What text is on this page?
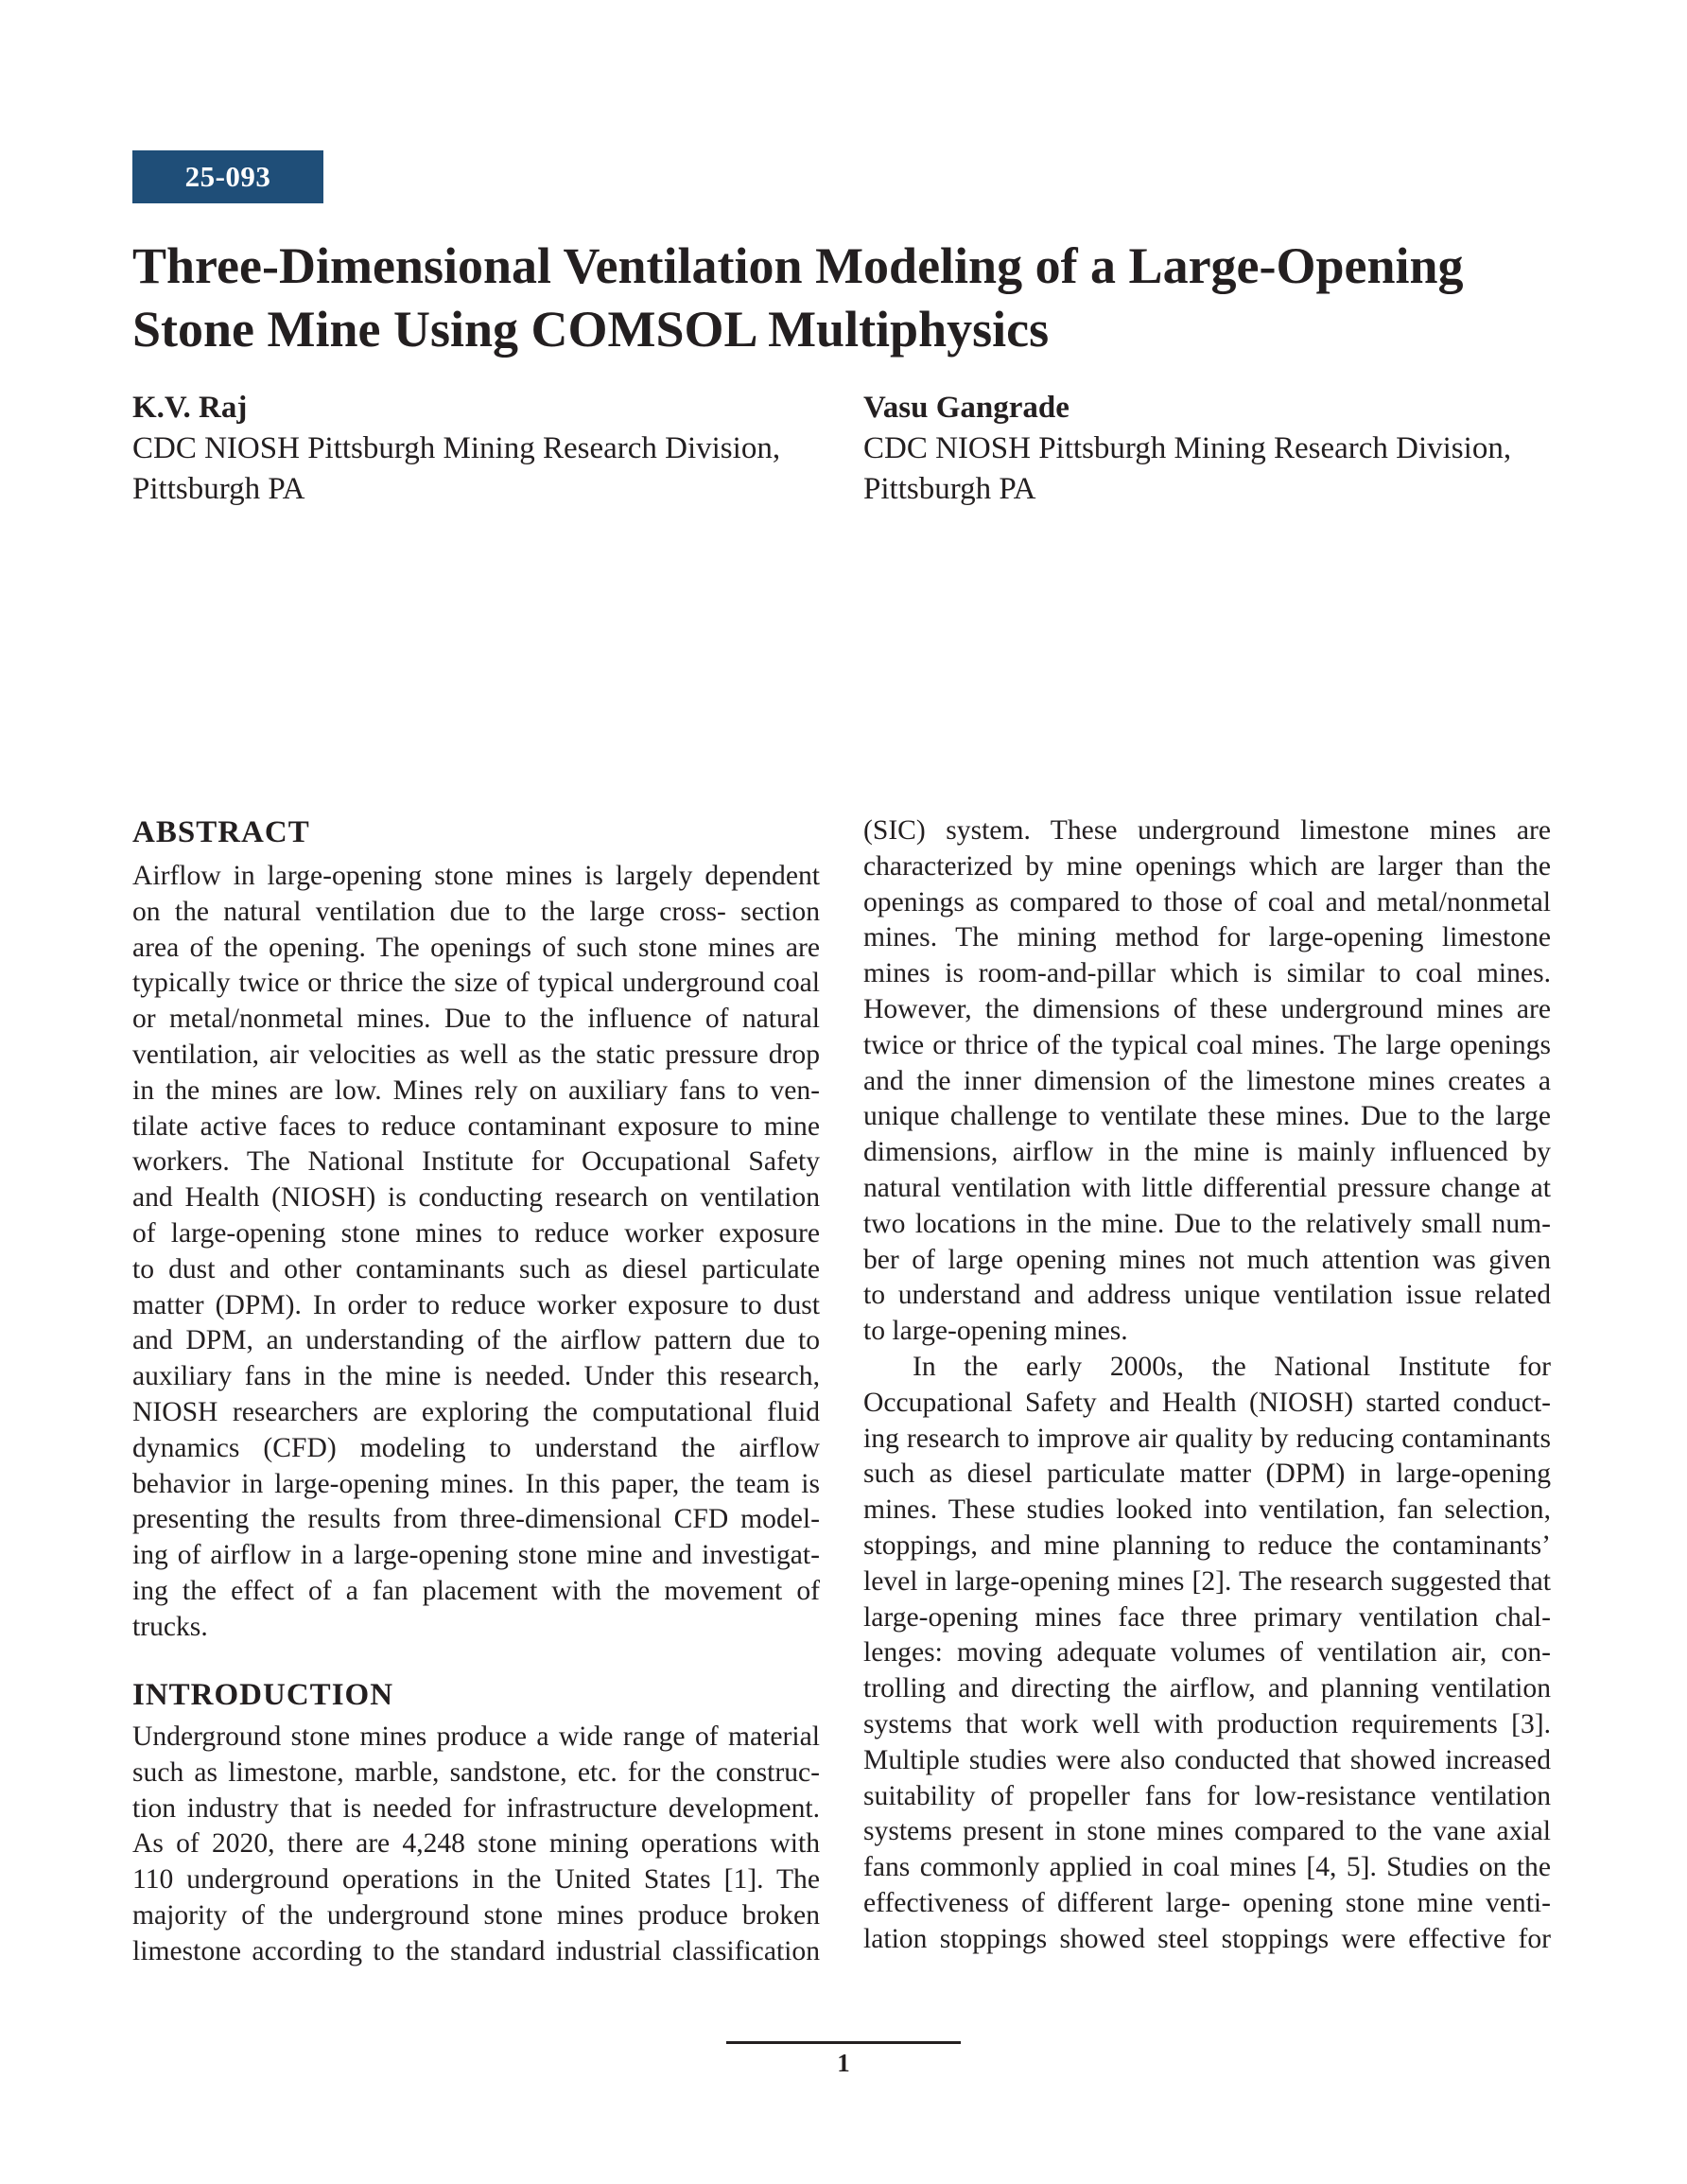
25-093
Three-Dimensional Ventilation Modeling of a Large-Opening
Stone Mine Using COMSOL Multiphysics
K.V. Raj
CDC NIOSH Pittsburgh Mining Research Division,
Pittsburgh PA
Vasu Gangrade
CDC NIOSH Pittsburgh Mining Research Division,
Pittsburgh PA
ABSTRACT
Airflow in large-opening stone mines is largely dependent
on the natural ventilation due to the large cross- section
area of the opening. The openings of such stone mines are
typically twice or thrice the size of typical underground coal
or metal/nonmetal mines. Due to the influence of natural
ventilation, air velocities as well as the static pressure drop
in the mines are low. Mines rely on auxiliary fans to ven-
tilate active faces to reduce contaminant exposure to mine
workers. The National Institute for Occupational Safety
and Health (NIOSH) is conducting research on ventilation
of large-opening stone mines to reduce worker exposure
to dust and other contaminants such as diesel particulate
matter (DPM). In order to reduce worker exposure to dust
and DPM, an understanding of the airflow pattern due to
auxiliary fans in the mine is needed. Under this research,
NIOSH researchers are exploring the computational fluid
dynamics (CFD) modeling to understand the airflow
behavior in large-opening mines. In this paper, the team is
presenting the results from three-dimensional CFD model-
ing of airflow in a large-opening stone mine and investigat-
ing the effect of a fan placement with the movement of
trucks.
INTRODUCTION
Underground stone mines produce a wide range of material
such as limestone, marble, sandstone, etc. for the construc-
tion industry that is needed for infrastructure development.
As of 2020, there are 4,248 stone mining operations with
110 underground operations in the United States [1]. The
majority of the underground stone mines produce broken
limestone according to the standard industrial classification
(SIC) system. These underground limestone mines are
characterized by mine openings which are larger than the
openings as compared to those of coal and metal/nonmetal
mines. The mining method for large-opening limestone
mines is room-and-pillar which is similar to coal mines.
However, the dimensions of these underground mines are
twice or thrice of the typical coal mines. The large openings
and the inner dimension of the limestone mines creates a
unique challenge to ventilate these mines. Due to the large
dimensions, airflow in the mine is mainly influenced by
natural ventilation with little differential pressure change at
two locations in the mine. Due to the relatively small num-
ber of large opening mines not much attention was given
to understand and address unique ventilation issue related
to large-opening mines.
In the early 2000s, the National Institute for
Occupational Safety and Health (NIOSH) started conduct-
ing research to improve air quality by reducing contaminants
such as diesel particulate matter (DPM) in large-opening
mines. These studies looked into ventilation, fan selection,
stoppings, and mine planning to reduce the contaminants’
level in large-opening mines [2]. The research suggested that
large-opening mines face three primary ventilation chal-
lenges: moving adequate volumes of ventilation air, con-
trolling and directing the airflow, and planning ventilation
systems that work well with production requirements [3].
Multiple studies were also conducted that showed increased
suitability of propeller fans for low-resistance ventilation
systems present in stone mines compared to the vane axial
fans commonly applied in coal mines [4, 5]. Studies on the
effectiveness of different large- opening stone mine venti-
lation stoppings showed steel stoppings were effective for
1
